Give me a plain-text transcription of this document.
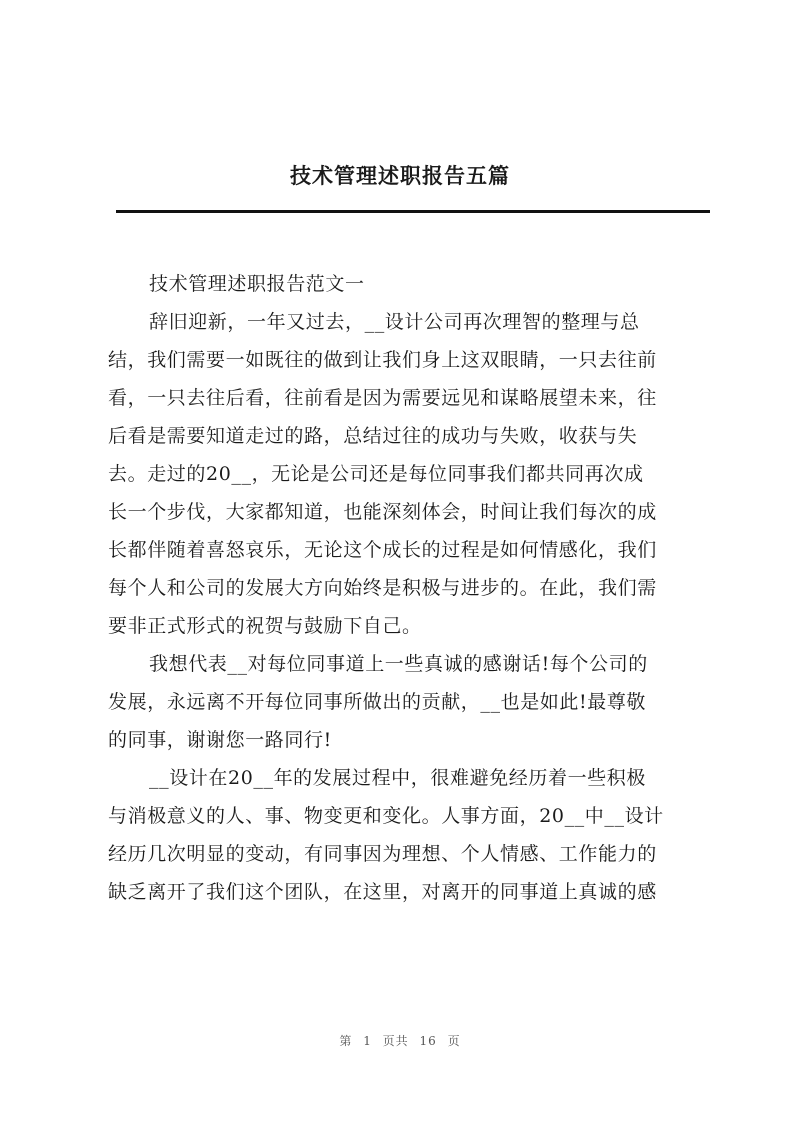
技术管理述职报告五篇
技术管理述职报告范文一
辞旧迎新，一年又过去，__设计公司再次理智的整理与总
结，我们需要一如既往的做到让我们身上这双眼睛，一只去往前
看，一只去往后看，往前看是因为需要远见和谋略展望未来，往
后看是需要知道走过的路，总结过往的成功与失败，收获与失
去。走过的20__，无论是公司还是每位同事我们都共同再次成
长一个步伐，大家都知道，也能深刻体会，时间让我们每次的成
长都伴随着喜怒哀乐，无论这个成长的过程是如何情感化，我们
每个人和公司的发展大方向始终是积极与进步的。在此，我们需
要非正式形式的祝贺与鼓励下自己。
我想代表__对每位同事道上一些真诚的感谢话!每个公司的
发展，永远离不开每位同事所做出的贡献，__也是如此!最尊敬
的同事，谢谢您一路同行!
__设计在20__年的发展过程中，很难避免经历着一些积极
与消极意义的人、事、物变更和变化。人事方面，20__中__设计
经历几次明显的变动，有同事因为理想、个人情感、工作能力的
缺乏离开了我们这个团队，在这里，对离开的同事道上真诚的感
第 1 页共 16 页
